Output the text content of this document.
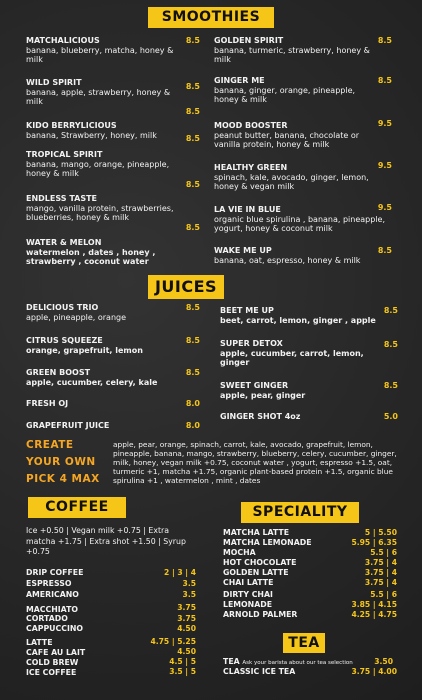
SMOOTHIES
MATCHALICIOUS
banana, blueberry, matcha, honey & milk
8.5
WILD SPIRIT
banana, apple, strawberry, honey & milk
8.5
KIDO BERRYLICIOUS
banana, Strawberry, honey, milk
8.5
TROPICAL SPIRIT
banana, mango, orange, pineapple, honey & milk
8.5
ENDLESS TASTE
mango, vanilla protein, strawberries, blueberries, honey & milk
8.5
WATER & MELON
watermelon , dates , honey , strawberry , coconut water
8.5
GOLDEN SPIRIT
banana, turmeric, strawberry, honey & milk
8.5
GINGER ME
banana, ginger, orange, pineapple, honey & milk
8.5
MOOD BOOSTER
peanut butter, banana, chocolate or vanilla protein, honey & milk
9.5
HEALTHY GREEN
spinach, kale, avocado, ginger, lemon, honey & vegan milk
9.5
LA VIE IN BLUE
organic blue spirulina , banana, pineapple, yogurt, honey & coconut milk
9.5
WAKE ME UP
banana, oat, espresso, honey & milk
8.5
JUICES
DELICIOUS TRIO
apple, pineapple, orange
8.5
CITRUS SQUEEZE
orange, grapefruit, lemon
8.5
GREEN BOOST
apple, cucumber, celery, kale
8.5
FRESH OJ	8.0
GRAPEFRUIT JUICE	8.0
BEET ME UP
beet, carrot, lemon, ginger , apple
8.5
SUPER DETOX
apple, cucumber, carrot, lemon, ginger
8.5
SWEET GINGER
apple, pear, ginger
8.5
GINGER SHOT 4oz	5.0
CREATE
YOUR OWN
PICK 4 MAX
apple, pear, orange, spinach, carrot, kale, avocado, grapefruit, lemon, pineapple, banana, mango, strawberry, blueberry, celery, cucumber, ginger, milk, honey, vegan milk +0.75, coconut water , yogurt, espresso +1.5, oat, turmeric +1, matcha +1.75, organic plant-based protein +1.5, organic blue spirulina +1 , watermelon , mint , dates
COFFEE
Ice +0.50 | Vegan milk +0.75 | Extra matcha +1.75 | Extra shot +1.50 | Syrup +0.75
DRIP COFFEE	2 | 3 | 4
ESPRESSO	3.5
AMERICANO	3.5
MACCHIATO	3.75
CORTADO	3.75
CAPPUCCINO	4.50
LATTE	4.75 | 5.25
CAFE AU LAIT	4.50
COLD BREW	4.5 | 5
ICE COFFEE	3.5 | 5
SPECIALITY
MATCHA LATTE	5 | 5.50
MATCHA LEMONADE	5.95 | 6.35
MOCHA	5.5 | 6
HOT CHOCOLATE	3.75 | 4
GOLDEN LATTE	3.75 | 4
CHAI LATTE	3.75 | 4
DIRTY CHAI	5.5 | 6
LEMONADE	3.85 | 4.15
ARNOLD PALMER	4.25 | 4.75
TEA
TEA Ask your barista about our tea selection	3.50
CLASSIC ICE TEA	3.75 | 4.00
